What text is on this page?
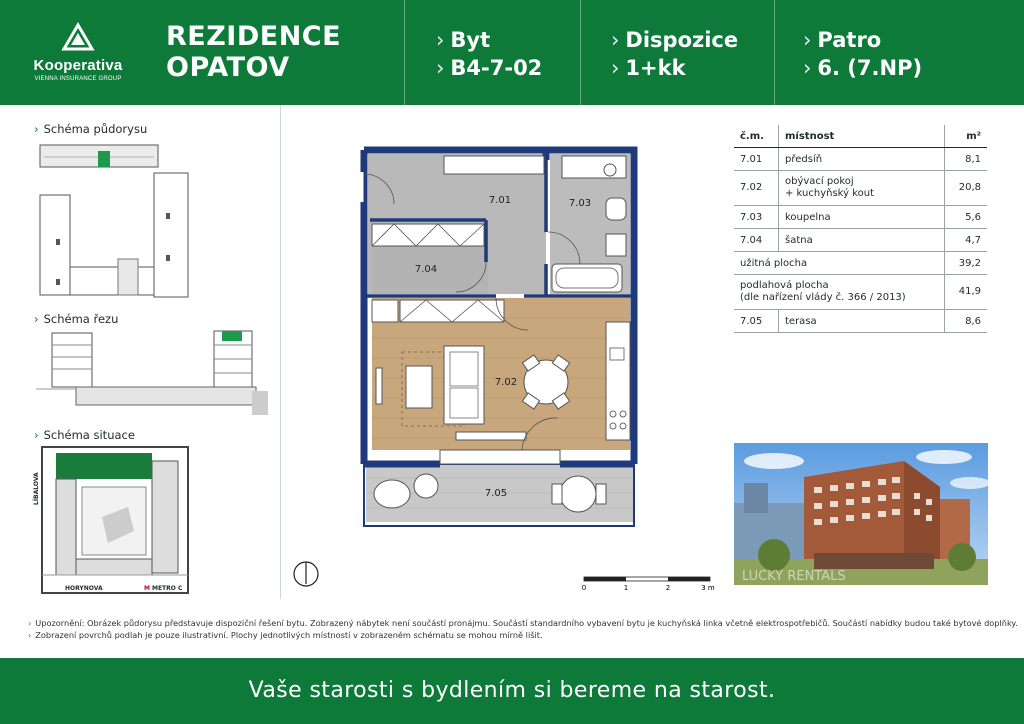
Kooperativa
VIENNA INSURANCE GROUP
REZIDENCE
OPATOV
› Byt
› B4-7-02
› Dispozice
› 1+kk
› Patro
› 6. (7.NP)
› Schéma půdorysu
› Schéma řezu
› Schéma situace
LÍBALOVA
HORYNOVA	M METRO C
7.01	7.03
7.04
7.02
7.05
0	1	2	3 m
č.m.	místnost	m²
7.01	předsíň	8,1
7.02	obývací pokoj
+ kuchyňský kout	20,8
7.03	koupelna	5,6
7.04	šatna	4,7
užitná plocha		39,2

podlahová plocha
(dle nařízení vlády č. 366 / 2013)		41,9
7.05	terasa	8,6
LUCKY RENTALS
› Upozornění: Obrázek půdorysu představuje dispoziční řešení bytu. Zobrazený nábytek není součástí pronájmu. Součástí standardního vybavení bytu je kuchyňská linka včetně elektrospotřebičů. Součástí nabídky budou také bytové doplňky.
› Zobrazení povrchů podlah je pouze ilustrativní. Plochy jednotlivých místností v zobrazeném schématu se mohou mírně lišit.
Vaše starosti s bydlením si bereme na starost.
